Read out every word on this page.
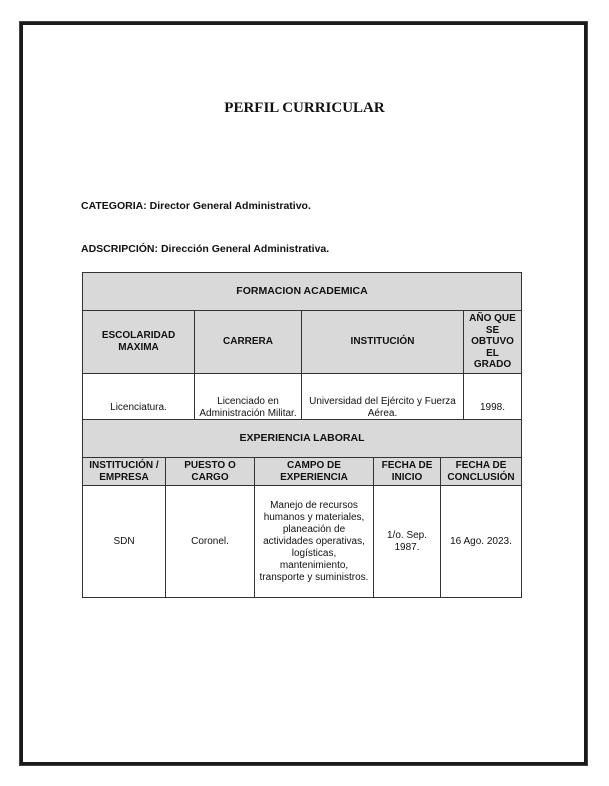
PERFIL CURRICULAR
CATEGORIA: Director General Administrativo.
ADSCRIPCIÓN: Dirección General Administrativa.
FORMACION ACADEMICA			
ESCOLARIDAD MAXIMA	CARRERA	INSTITUCIÓN	AÑO QUE SE OBTUVO EL GRADO
Licenciatura.	Licenciado en Administración Militar.	Universidad del Ejército y Fuerza Aérea.	1998.
EXPERIENCIA LABORAL				
INSTITUCIÓN / EMPRESA	PUESTO O CARGO	CAMPO DE EXPERIENCIA	FECHA DE INICIO	FECHA DE CONCLUSIÓN
SDN	Coronel.	Manejo de recursos humanos y materiales, planeación de actividades operativas, logísticas, mantenimiento, transporte y suministros.	1/o. Sep. 1987.	16 Ago. 2023.
